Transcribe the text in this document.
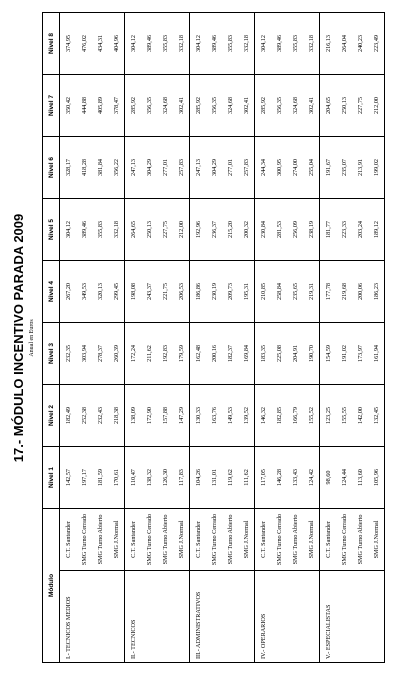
17.- MÓDULO INCENTIVO PARADA 2009 Anual en Euros
Módulo		Nivel 1	Nivel 2	Nivel 3	Nivel 4	Nivel 5	Nivel 6	Nivel 7	Nivel 8
I.- TECNICOS MEDIOS	C.T. Santander	142,57	182,49	232,35	267,20	304,12	328,17	350,42	374,95
	SMG Turno Cerrado	197,17	252,38	303,94	349,53	389,46	418,28	444,88	476,02
	SMG Turno Abierto	181,59	232,43	278,37	320,13	355,83	381,84	405,89	434,31
	SMG J.Normal	170,61	218,38	260,39	299,45	332,18	356,22	378,47	404,96
II.- TECNICOS	C.T. Santander	110,47	138,09	172,24	198,08	264,65	247,13	285,92	304,12
	SMG Turno Cerrado	138,32	172,90	211,62	243,37	250,13	304,29	356,35	389,46
	SMG Turno Abierto	126,30	157,88	192,83	221,75	227,75	277,01	324,68	355,83
	SMG J.Normal	117,83	147,29	179,59	206,53	212,00	257,83	302,41	332,18
III.- ADMINISTRATIVOS	C.T. Santander	104,26	130,33	162,48	186,86	192,96	247,13	285,92	304,12
	SMG Turno Cerrado	131,01	163,76	200,16	230,19	236,37	304,29	356,35	389,46
	SMG Turno Abierto	119,62	149,53	182,37	209,73	215,20	277,01	324,68	355,83
	SMG J.Normal	111,62	139,52	169,84	195,31	200,32	257,83	302,41	332,18
IV.- OPERARIOS	C.T. Santander	117,05	146,32	183,35	210,85	230,84	244,34	285,92	304,12
	SMG Turno Cerrado	146,28	182,85	225,08	258,84	281,53	300,95	356,35	389,46
	SMG Turno Abierto	133,43	166,79	204,91	235,65	256,09	274,00	324,68	355,83
	SMG J.Normal	124,42	155,52	190,70	219,31	238,19	255,04	302,41	332,18
V.- ESPECIALISTAS	C.T. Santander	98,60	123,25	154,59	177,78	181,77	191,67	204,65	216,13
	SMG Turno Cerrado	124,44	155,55	191,02	219,68	223,33	235,07	250,13	264,04
	SMG Turno Abierto	113,60	142,00	173,97	200,06	203,24	213,91	227,75	240,23
	SMG J.Normal	105,96	132,45	161,94	186,23	189,12	199,02	212,00	223,49
